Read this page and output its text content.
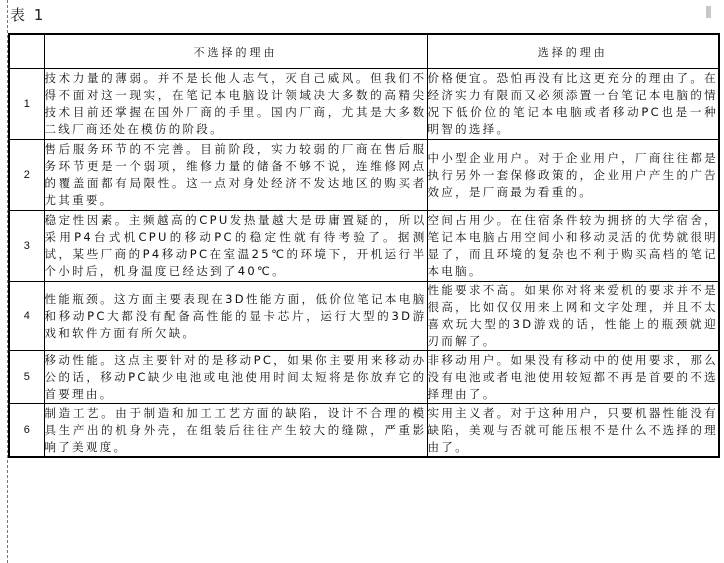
表 1
	不选择的理由	选择的理由
1	技术力量的薄弱。并不是长他人志气，灭自己威风。但我们不得不面对这一现实，在笔记本电脑设计领域决大多数的高精尖技术目前还掌握在国外厂商的手里。国内厂商，尤其是大多数二线厂商还处在模仿的阶段。	价格便宜。恐怕再没有比这更充分的理由了。在经济实力有限而又必须添置一台笔记本电脑的情况下低价位的笔记本电脑或者移动PC也是一种明智的选择。
2	售后服务环节的不完善。目前阶段，实力较弱的厂商在售后服务环节更是一个弱项，维修力量的储备不够不说，连维修网点的覆盖面都有局限性。这一点对身处经济不发达地区的购买者尤其重要。	中小型企业用户。对于企业用户，厂商往往都是执行另外一套保修政策的，企业用户产生的广告效应，是厂商最为看重的。
3	稳定性因素。主频越高的CPU发热量越大是毋庸置疑的，所以采用P4台式机CPU的移动PC的稳定性就有待考验了。据测试，某些厂商的P4移动PC在室温25℃的环境下，开机运行半个小时后，机身温度已经达到了40℃。	空间占用少。在住宿条件较为拥挤的大学宿舍，笔记本电脑占用空间小和移动灵活的优势就很明显了，而且环境的复杂也不利于购买高档的笔记本电脑。
4	性能瓶颈。这方面主要表现在3D性能方面，低价位笔记本电脑和移动PC大都没有配备高性能的显卡芯片，运行大型的3D游戏和软件方面有所欠缺。	性能要求不高。如果你对将来爱机的要求并不是很高，比如仅仅用来上网和文字处理，并且不太喜欢玩大型的3D游戏的话，性能上的瓶颈就迎刃而解了。
5	移动性能。这点主要针对的是移动PC，如果你主要用来移动办公的话，移动PC缺少电池或电池使用时间太短将是你放弃它的首要理由。	非移动用户。如果没有移动中的使用要求，那么没有电池或者电池使用较短都不再是首要的不选择理由了。
6	制造工艺。由于制造和加工工艺方面的缺陷，设计不合理的模具生产出的机身外壳，在组装后往往产生较大的缝隙，严重影响了美观度。	实用主义者。对于这种用户，只要机器性能没有缺陷，美观与否就可能压根不是什么不选择的理由了。
